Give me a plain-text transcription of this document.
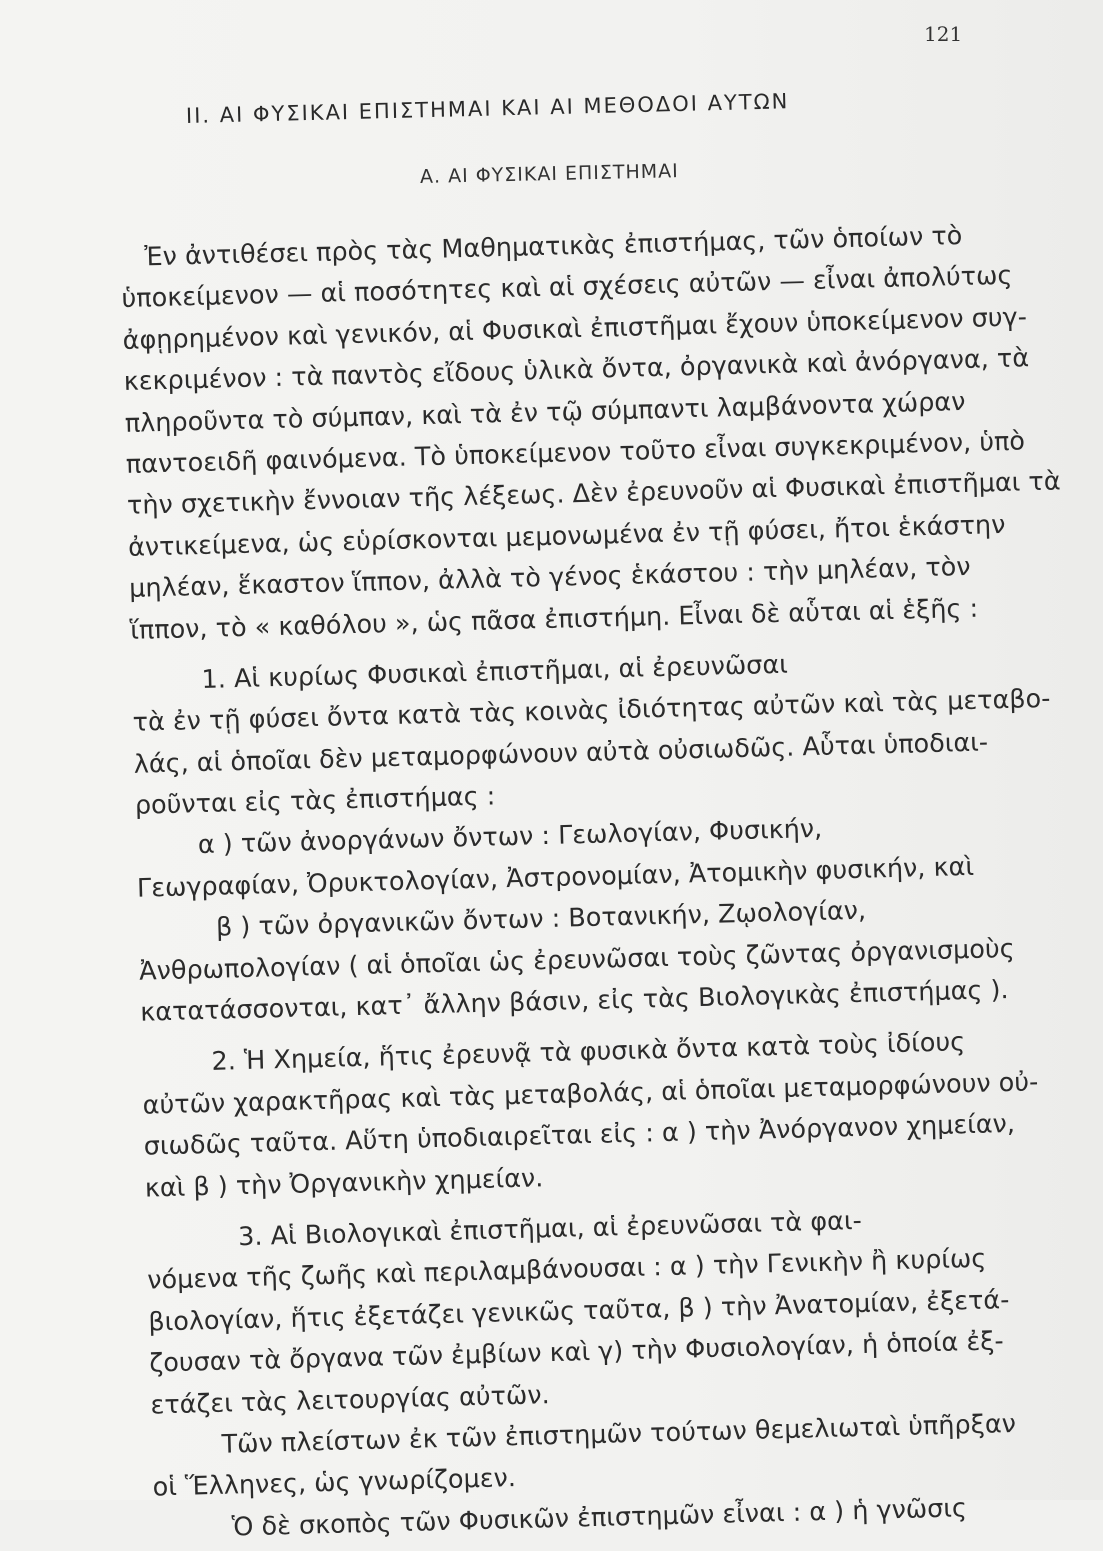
121
ΙΙ. ΑΙ ΦΥΣΙΚΑΙ ΕΠΙΣΤΗΜΑΙ ΚΑΙ ΑΙ ΜΕΘΟΔΟΙ ΑΥΤΩΝ
Α. ΑΙ ΦΥΣΙΚΑΙ ΕΠΙΣΤΗΜΑΙ
Ἐν ἀντιθέσει πρὸς τὰς Μαθηματικὰς ἐπιστήμας, τῶν ὁποίων τὸ
ὑποκείμενον — αἱ ποσότητες καὶ αἱ σχέσεις αὐτῶν — εἶναι ἀπολύτως
ἀφῃρημένον καὶ γενικόν, αἱ Φυσικαὶ ἐπιστῆμαι ἔχουν ὑποκείμενον συγ-
κεκριμένον : τὰ παντὸς εἴδους ὑλικὰ ὄντα, ὀργανικὰ καὶ ἀνόργανα, τὰ
πληροῦντα τὸ σύμπαν, καὶ τὰ ἐν τῷ σύμπαντι λαμβάνοντα χώραν
παντοειδῆ φαινόμενα. Τὸ ὑποκείμενον τοῦτο εἶναι συγκεκριμένον, ὑπὸ
τὴν σχετικὴν ἔννοιαν τῆς λέξεως. Δὲν ἐρευνοῦν αἱ Φυσικαὶ ἐπιστῆμαι τὰ
ἀντικείμενα, ὡς εὑρίσκονται μεμονωμένα ἐν τῇ φύσει, ἤτοι ἑκάστην
μηλέαν, ἕκαστον ἵππον, ἀλλὰ τὸ γένος ἑκάστου : τὴν μηλέαν, τὸν
ἵππον, τὸ « καθόλου », ὡς πᾶσα ἐπιστήμη. Εἶναι δὲ αὗται αἱ ἑξῆς :
1. Αἱ κυρίως Φυσικαὶ ἐπιστῆμαι, αἱ ἐρευνῶσαι
τὰ ἐν τῇ φύσει ὄντα κατὰ τὰς κοινὰς ἰδιότητας αὐτῶν καὶ τὰς μεταβο-
λάς, αἱ ὁποῖαι δὲν μεταμορφώνουν αὐτὰ οὐσιωδῶς. Αὗται ὑποδιαι-
ροῦνται εἰς τὰς ἐπιστήμας :
α ) τῶν ἀνοργάνων ὄντων : Γεωλογίαν, Φυσικήν,
Γεωγραφίαν, Ὀρυκτολογίαν, Ἀστρονομίαν, Ἀτομικὴν φυσικήν, καὶ
β ) τῶν ὀργανικῶν ὄντων : Βοτανικήν, Ζῳολογίαν,
Ἀνθρωπολογίαν ( αἱ ὁποῖαι ὡς ἐρευνῶσαι τοὺς ζῶντας ὀργανισμοὺς
κατατάσσονται, κατ᾽ ἄλλην βάσιν, εἰς τὰς Βιολογικὰς ἐπιστήμας ).
2. Ἡ Χημεία, ἥτις ἐρευνᾷ τὰ φυσικὰ ὄντα κατὰ τοὺς ἰδίους
αὐτῶν χαρακτῆρας καὶ τὰς μεταβολάς, αἱ ὁποῖαι μεταμορφώνουν οὐ-
σιωδῶς ταῦτα. Αὕτη ὑποδιαιρεῖται εἰς : α ) τὴν Ἀνόργανον χημείαν,
καὶ β ) τὴν Ὀργανικὴν χημείαν.
3. Αἱ Βιολογικαὶ ἐπιστῆμαι, αἱ ἐρευνῶσαι τὰ φαι-
νόμενα τῆς ζωῆς καὶ περιλαμβάνουσαι : α ) τὴν Γενικὴν ἢ κυρίως
βιολογίαν, ἥτις ἐξετάζει γενικῶς ταῦτα, β ) τὴν Ἀνατομίαν, ἐξετά-
ζουσαν τὰ ὄργανα τῶν ἐμβίων καὶ γ) τὴν Φυσιολογίαν, ἡ ὁποία ἐξ-
ετάζει τὰς λειτουργίας αὐτῶν.
Τῶν πλείστων ἐκ τῶν ἐπιστημῶν τούτων θεμελιωταὶ ὑπῆρξαν
οἱ Ἕλληνες, ὡς γνωρίζομεν.
Ὁ δὲ σκοπὸς τῶν Φυσικῶν ἐπιστημῶν εἶναι : α ) ἡ γνῶσις
